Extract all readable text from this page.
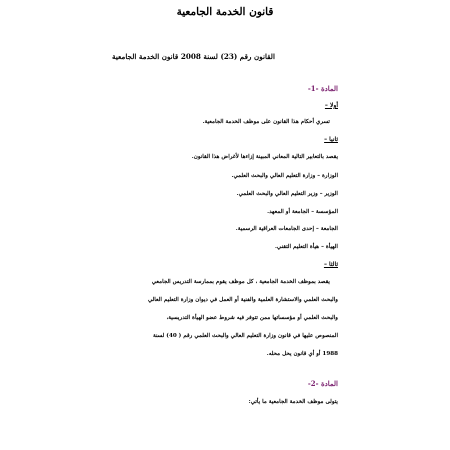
قانون الخدمة الجامعية
القانون رقم (23) لسنة 2008 قانون الخدمة الجامعية
المادة -1-
أولا –
تسري أحكام هذا القانون على موظف الخدمة الجامعية.
ثانيا –
يقصد بالتعابير التالية المعاني المبينة إزاءها لأغراض هذا القانون.
الوزارة – وزارة التعليم العالي والبحث العلمي.
الوزير – وزير التعليم العالي والبحث العلمي.
المؤسسة – الجامعة أو المعهد.
الجامعة – إحدى الجامعات العراقية الرسمية.
الهيأة – هيأة التعليم التقني.
ثالثا –
يقصد بموظف الخدمة الجامعية ، كل موظف يقوم بممارسة التدريس الجامعي
والبحث العلمي والاستشارة العلمية والفنية أو العمل في ديوان وزارة التعليم العالي
والبحث العلمي أو مؤسساتها ممن تتوفر فيه شروط عضو الهيأة التدريسية،
المنصوص عليها في قانون وزارة التعليم العالي والبحث العلمي رقم ( 40) لسنة
1988 أو أي قانون يحل محله.
المادة -2-
يتولى موظف الخدمة الجامعية ما يأتي:
